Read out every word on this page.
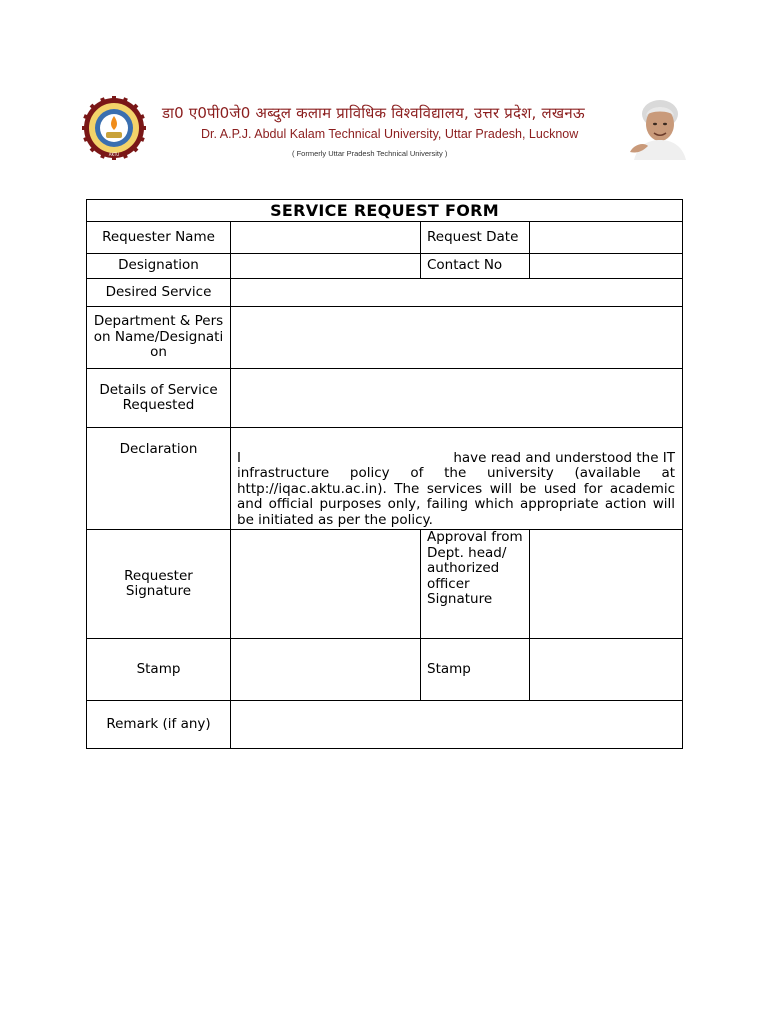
AKTU
डा0 ए0पी0जे0 अब्दुल कलाम प्राविधिक विश्वविद्यालय, उत्तर प्रदेश, लखनऊ
Dr. A.P.J. Abdul Kalam Technical University, Uttar Pradesh, Lucknow
( Formerly Uttar Pradesh Technical University )
SERVICE REQUEST FORM			
Requester Name		Request Date	
Designation		Contact No	
Desired Service			
Department & Person Name/Designation			
Details of Service Requested			
Declaration	I have read and understood the IT
infrastructure policy of the university (available at http://iqac.aktu.ac.in). The services will be used for academic and official purposes only, failing which appropriate action will be initiated as per the policy.		

Requester Signature		Approval from Dept. head/ authorized officer Signature	
Stamp		Stamp	
Remark (if any)			
